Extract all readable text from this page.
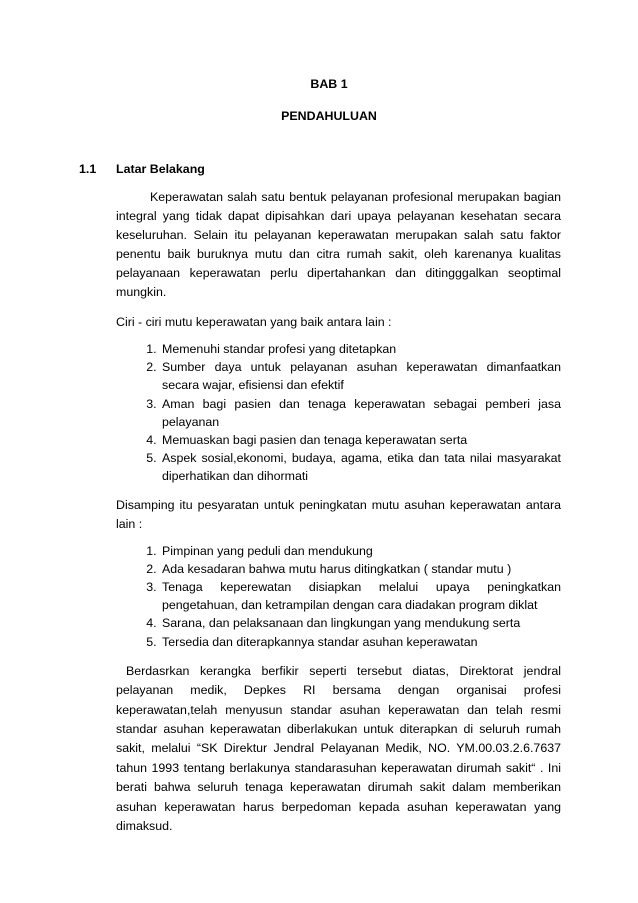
BAB 1
PENDAHULUAN
1.1 Latar Belakang

Keperawatan salah satu bentuk pelayanan profesional merupakan bagian integral yang tidak dapat dipisahkan dari upaya pelayanan kesehatan secara keseluruhan. Selain itu pelayanan keperawatan merupakan salah satu faktor penentu baik buruknya mutu dan citra rumah sakit, oleh karenanya kualitas pelayanaan keperawatan perlu dipertahankan dan ditingggalkan seoptimal mungkin.

Ciri - ciri mutu keperawatan yang baik antara lain :

1. Memenuhi standar profesi yang ditetapkan
2. Sumber daya untuk pelayanan asuhan keperawatan dimanfaatkan secara wajar, efisiensi dan efektif
3. Aman bagi pasien dan tenaga keperawatan sebagai pemberi jasa pelayanan
4. Memuaskan bagi pasien dan tenaga keperawatan serta
5. Aspek sosial,ekonomi, budaya, agama, etika dan tata nilai masyarakat diperhatikan dan dihormati

Disamping itu pesyaratan untuk peningkatan mutu asuhan keperawatan antara lain :

1. Pimpinan yang peduli dan mendukung
2. Ada kesadaran bahwa mutu harus ditingkatkan ( standar mutu )
3. Tenaga keperewatan disiapkan melalui upaya peningkatkan pengetahuan, dan ketrampilan dengan cara diadakan program diklat
4. Sarana, dan pelaksanaan dan lingkungan yang mendukung serta
5. Tersedia dan diterapkannya standar asuhan keperawatan

Berdasrkan kerangka berfikir seperti tersebut diatas, Direktorat jendral pelayanan medik, Depkes RI bersama dengan organisai profesi keperawatan,telah menyusun standar asuhan keperawatan dan telah resmi standar asuhan keperawatan diberlakukan untuk diterapkan di seluruh rumah sakit, melalui “SK Direktur Jendral Pelayanan Medik, NO. YM.00.03.2.6.7637 tahun 1993 tentang berlakunya standarasuhan keperawatan dirumah sakit“ . Ini berati bahwa seluruh tenaga keperawatan dirumah sakit dalam memberikan asuhan keperawatan harus berpedoman kepada asuhan keperawatan yang dimaksud.
